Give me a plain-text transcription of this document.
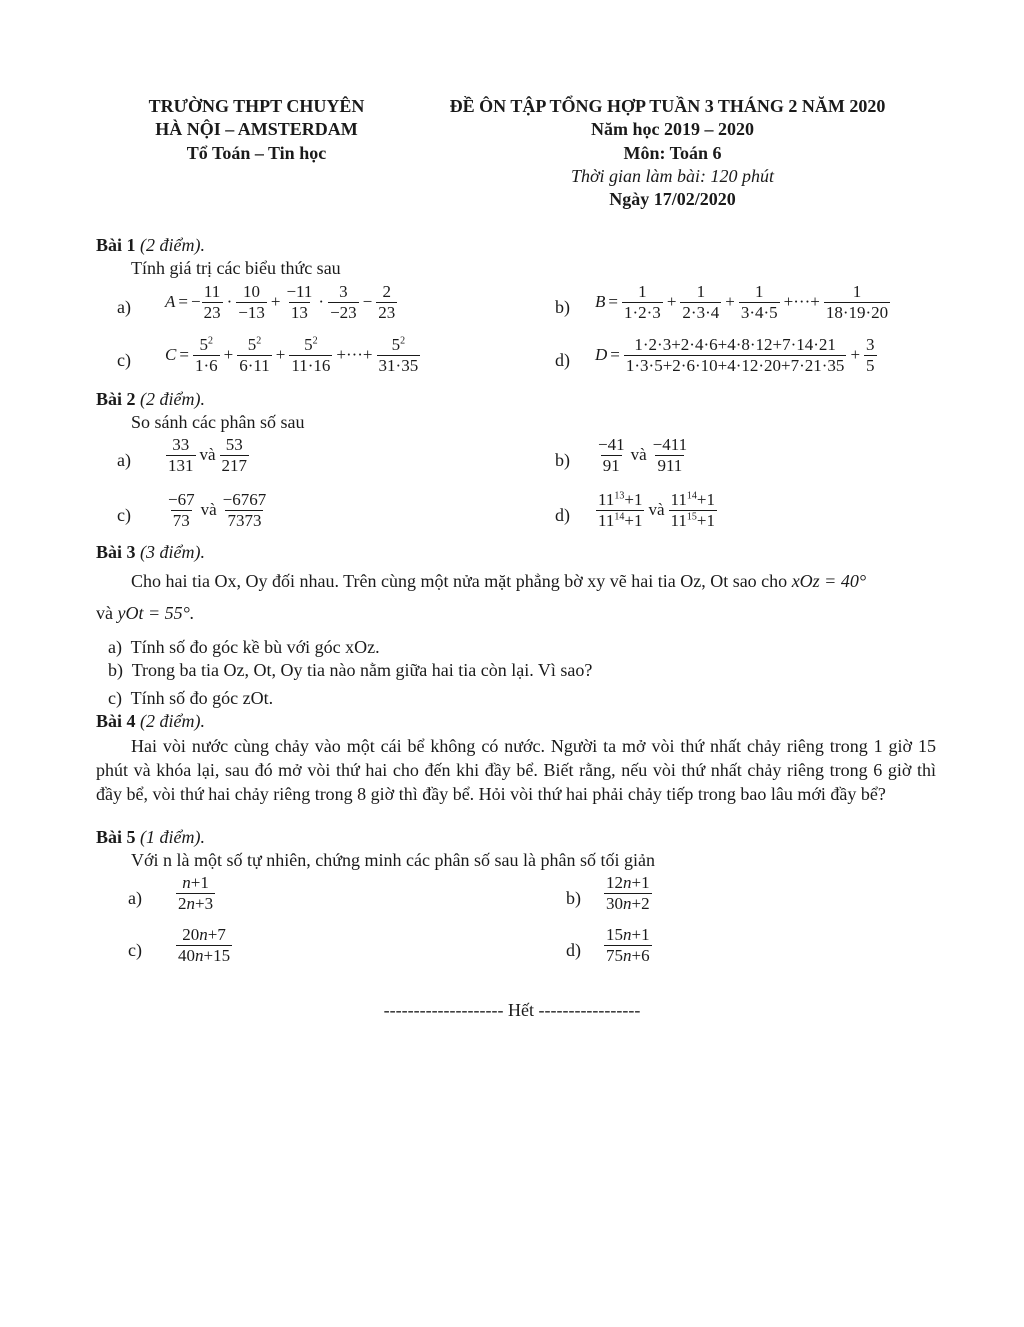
TRƯỜNG THPT CHUYÊN
HÀ NỘI – AMSTERDAM
Tổ Toán – Tin học
ĐỀ ÔN TẬP TỔNG HỢP TUẦN 3 THÁNG 2 NĂM 2020
Năm học 2019 – 2020
Môn: Toán 6
Thời gian làm bài: 120 phút
Ngày 17/02/2020
Bài 1 (2 điểm).
Tính giá trị các biểu thức sau
a) A = − $\frac{11}{23} \cdot \frac{10}{-13} + \frac{-11}{13} \cdot \frac{3}{-23} - \frac{2}{23}$	b) $B = \frac{1}{1\cdot 2\cdot 3} + \frac{1}{2\cdot 3\cdot 4} + \frac{1}{3\cdot 4\cdot 5}$ +···+ $\frac{1}{18\cdot 19\cdot 20}$
c) $C = \frac{5^2}{1\cdot 6} + \frac{5^2}{6\cdot 11} + \frac{5^2}{11\cdot 16}$ +···+ $\frac{5^2}{31\cdot 35}$	d) $D = \frac{1\cdot 2\cdot 3+2\cdot 4\cdot 6+4\cdot 8\cdot 12+7\cdot 14\cdot 21}{1\cdot 3\cdot 5+2\cdot 6\cdot 10+4\cdot 12\cdot 20+7\cdot 21\cdot 35} + \frac{3}{5}$
Bài 2 (2 điểm).
So sánh các phân số sau
$a) \frac{33}{131}$ và $\frac{53}{217}$	$b) \frac{-41}{91}$ và $\frac{-411}{911}$
$c) \frac{-67}{73}$ và $\frac{-6767}{7373}$	$d) \frac{11^{13}+1}{11^{14}+1}$ và $\frac{11^{14}+1}{11^{15}+1}$
Bài 3 (3 điểm).
Cho hai tia Ox, Oy đối nhau. Trên cùng một nửa mặt phẳng bờ xy vẽ hai tia Oz, Ot sao cho xOz = 40°
và yOt = 55°.
a) Tính số đo góc kề bù với góc xOz.
b) Trong ba tia Oz, Ot, Oy tia nào nằm giữa hai tia còn lại. Vì sao?
c) Tính số đo góc zOt.
Bài 4 (2 điểm).
Hai vòi nước cùng chảy vào một cái bể không có nước. Người ta mở vòi thứ nhất chảy riêng trong 1 giờ 15 phút và khóa lại, sau đó mở vòi thứ hai cho đến khi đầy bể. Biết rằng, nếu vòi thứ nhất chảy riêng trong 6 giờ thì đầy bể, vòi thứ hai chảy riêng trong 8 giờ thì đầy bể. Hỏi vòi thứ hai phải chảy tiếp trong bao lâu mới đầy bể?
Bài 5 (1 điểm).
Với n là một số tự nhiên, chứng minh các phân số sau là phân số tối giản
$a) \frac{n+1}{2n+3}$	$b) \frac{12n+1}{30n+2}$
$c) \frac{20n+7}{40n+15}$	$d) \frac{15n+1}{75n+6}$
-------------------- Hết -----------------
